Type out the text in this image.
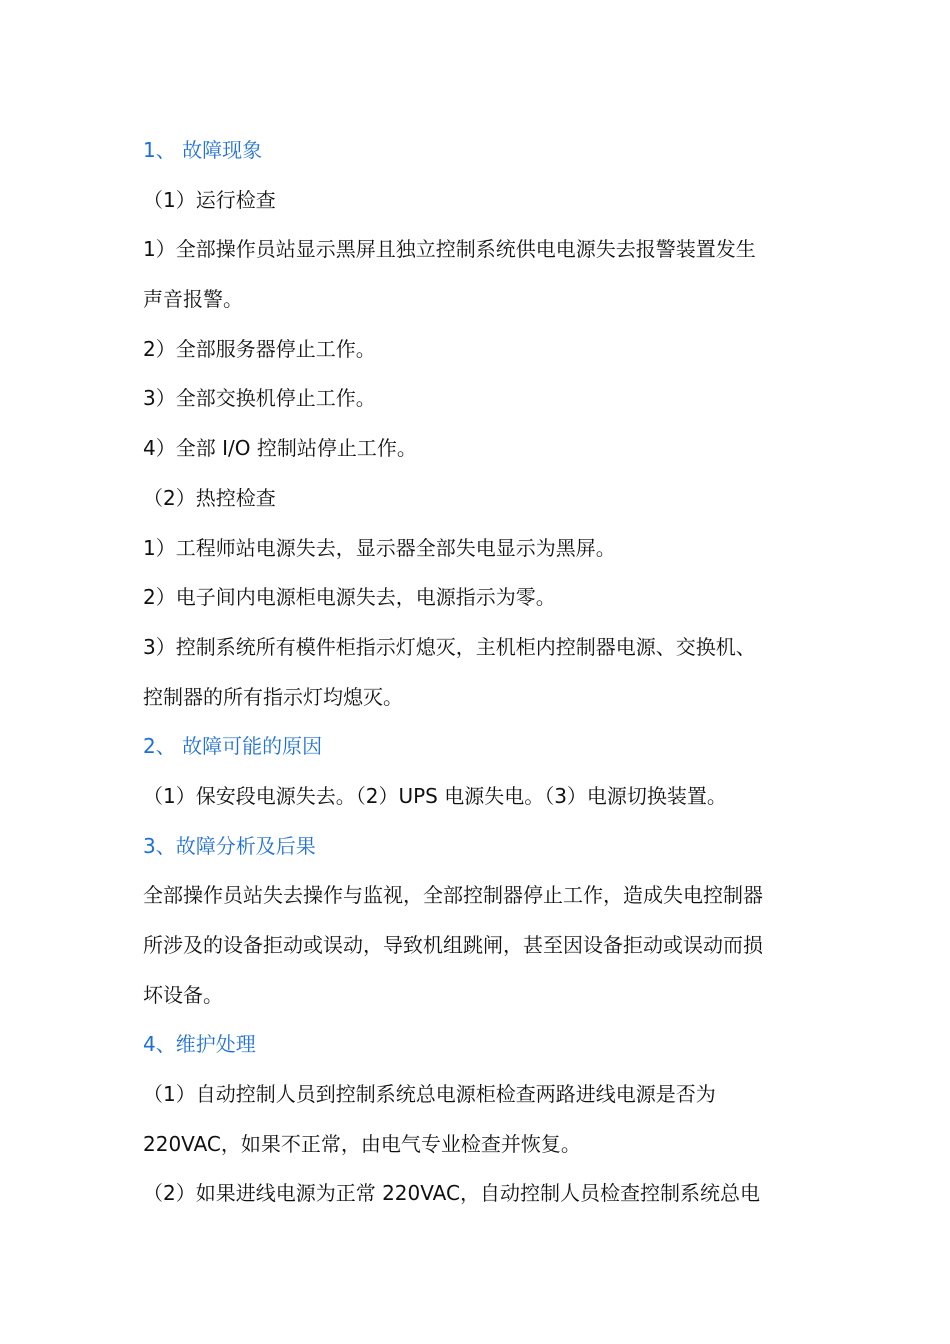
1、 故障现象
（1）运行检查
1）全部操作员站显示黑屏且独立控制系统供电电源失去报警装置发生
声音报警。
2）全部服务器停止工作。
3）全部交换机停止工作。
4）全部 I/O 控制站停止工作。
（2）热控检查
1）工程师站电源失去，显示器全部失电显示为黑屏。
2）电子间内电源柜电源失去，电源指示为零。
3）控制系统所有模件柜指示灯熄灭，主机柜内控制器电源、交换机、
控制器的所有指示灯均熄灭。
2、 故障可能的原因
（1）保安段电源失去。（2）UPS 电源失电。（3）电源切换装置。
3、故障分析及后果
全部操作员站失去操作与监视，全部控制器停止工作，造成失电控制器
所涉及的设备拒动或误动，导致机组跳闸，甚至因设备拒动或误动而损
坏设备。
4、维护处理
（1）自动控制人员到控制系统总电源柜检查两路进线电源是否为
220VAC，如果不正常，由电气专业检查并恢复。
（2）如果进线电源为正常 220VAC，自动控制人员检查控制系统总电
